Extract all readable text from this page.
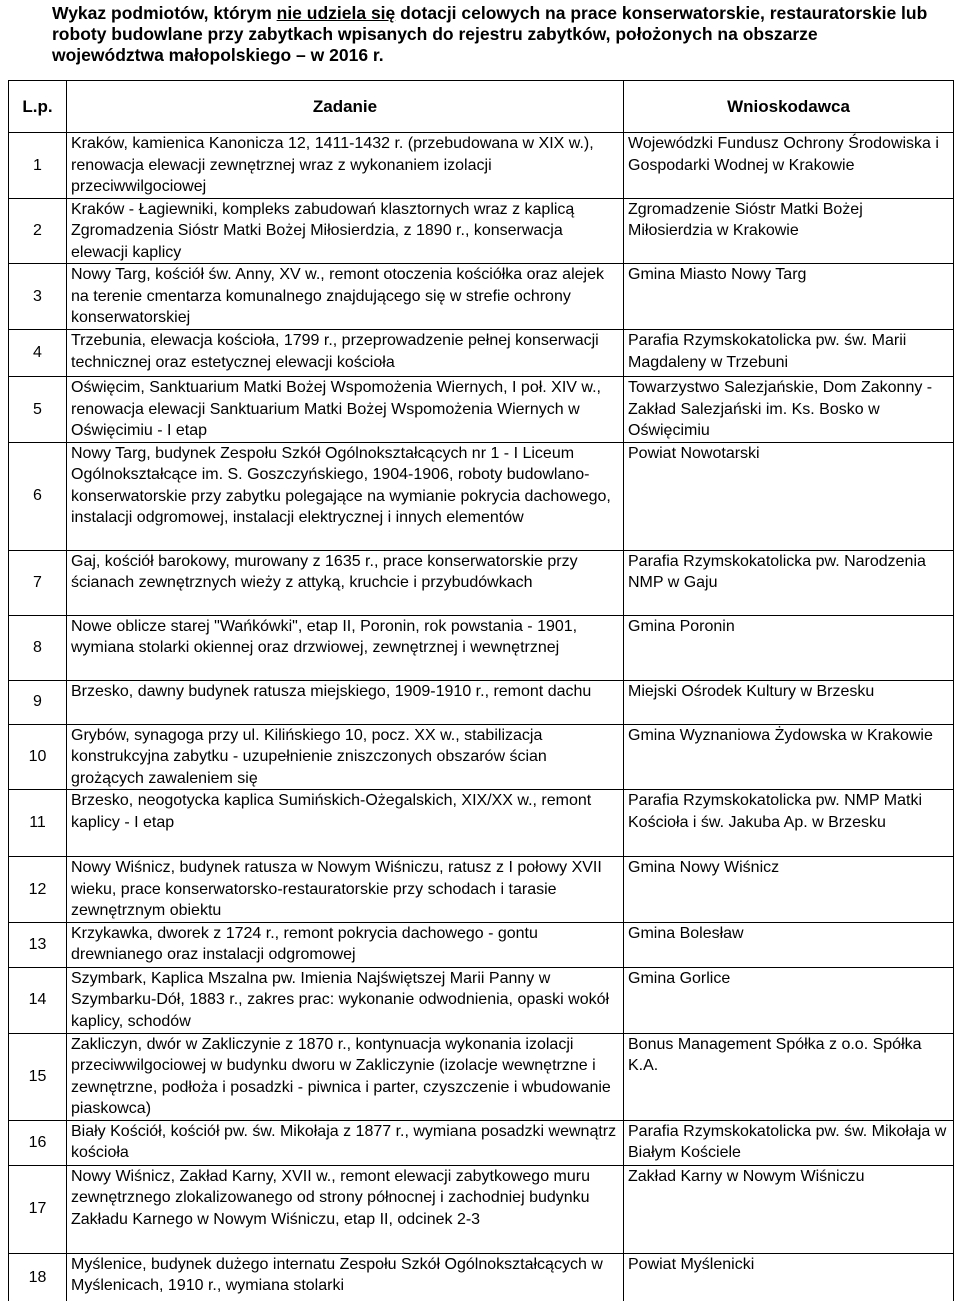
Wykaz podmiotów, którym nie udziela się dotacji celowych na prace konserwatorskie, restauratorskie lub roboty budowlane przy zabytkach wpisanych do rejestru zabytków, położonych na obszarze województwa małopolskiego – w 2016 r.
L.p.	Zadanie	Wnioskodawca
1	Kraków, kamienica Kanonicza 12, 1411-1432 r. (przebudowana w XIX w.), renowacja elewacji zewnętrznej wraz z wykonaniem izolacji przeciwwilgociowej	Wojewódzki Fundusz Ochrony Środowiska i Gospodarki Wodnej w Krakowie
2	Kraków - Łagiewniki, kompleks zabudowań klasztornych wraz z kaplicą Zgromadzenia Sióstr Matki Bożej Miłosierdzia, z 1890 r., konserwacja elewacji kaplicy	Zgromadzenie Sióstr Matki Bożej Miłosierdzia w Krakowie
3	Nowy Targ, kościół św. Anny, XV w., remont otoczenia kościółka oraz alejek na terenie cmentarza komunalnego znajdującego się w strefie ochrony konserwatorskiej	Gmina Miasto Nowy Targ
4	Trzebunia, elewacja kościoła, 1799 r., przeprowadzenie pełnej konserwacji technicznej oraz estetycznej elewacji kościoła	Parafia Rzymskokatolicka pw. św. Marii Magdaleny w Trzebuni
5	Oświęcim, Sanktuarium Matki Bożej Wspomożenia Wiernych, I poł. XIV w., renowacja elewacji Sanktuarium Matki Bożej Wspomożenia Wiernych w Oświęcimiu - I etap	Towarzystwo Salezjańskie, Dom Zakonny - Zakład Salezjański im. Ks. Bosko w Oświęcimiu
6	Nowy Targ, budynek Zespołu Szkół Ogólnokształcących nr 1 - I Liceum Ogólnokształcące im. S. Goszczyńskiego, 1904-1906, roboty budowlano-konserwatorskie przy zabytku polegające na wymianie pokrycia dachowego, instalacji odgromowej, instalacji elektrycznej i innych elementów	Powiat Nowotarski
7	Gaj, kościół barokowy, murowany z 1635 r., prace konserwatorskie przy ścianach zewnętrznych wieży z attyką, kruchcie i przybudówkach	Parafia Rzymskokatolicka pw. Narodzenia NMP w Gaju
8	Nowe oblicze starej "Wańkówki", etap II, Poronin, rok powstania - 1901, wymiana stolarki okiennej oraz drzwiowej, zewnętrznej i wewnętrznej	Gmina Poronin
9	Brzesko, dawny budynek ratusza miejskiego, 1909-1910 r., remont dachu	Miejski Ośrodek Kultury w Brzesku
10	Grybów, synagoga przy ul. Kilińskiego 10, pocz. XX w., stabilizacja konstrukcyjna zabytku - uzupełnienie zniszczonych obszarów ścian grożących zawaleniem się	Gmina Wyznaniowa Żydowska w Krakowie
11	Brzesko, neogotycka kaplica Sumińskich-Ożegalskich, XIX/XX w., remont kaplicy - I etap	Parafia Rzymskokatolicka pw. NMP Matki Kościoła i św. Jakuba Ap. w Brzesku
12	Nowy Wiśnicz, budynek ratusza w Nowym Wiśniczu, ratusz z I połowy XVII wieku, prace konserwatorsko-restauratorskie przy schodach i tarasie zewnętrznym obiektu	Gmina Nowy Wiśnicz
13	Krzykawka, dworek z 1724 r., remont pokrycia dachowego - gontu drewnianego oraz instalacji odgromowej	Gmina Bolesław
14	Szymbark, Kaplica Mszalna pw. Imienia Najświętszej Marii Panny w Szymbarku-Dół, 1883 r., zakres prac: wykonanie odwodnienia, opaski wokół kaplicy, schodów	Gmina Gorlice
15	Zakliczyn, dwór w Zakliczynie z 1870 r., kontynuacja wykonania izolacji przeciwwilgociowej w budynku dworu w Zakliczynie (izolacje wewnętrzne i zewnętrzne, podłoża i posadzki - piwnica i parter, czyszczenie i wbudowanie piaskowca)	Bonus Management Spółka z o.o. Spółka K.A.
16	Biały Kościół, kościół pw. św. Mikołaja z 1877 r., wymiana posadzki wewnątrz kościoła	Parafia Rzymskokatolicka pw. św. Mikołaja w Białym Kościele
17	Nowy Wiśnicz, Zakład Karny, XVII w., remont elewacji zabytkowego muru zewnętrznego zlokalizowanego od strony północnej i zachodniej budynku Zakładu Karnego w Nowym Wiśniczu, etap II, odcinek 2-3	Zakład Karny w Nowym Wiśniczu
18	Myślenice, budynek dużego internatu Zespołu Szkół Ogólnokształcących w Myślenicach, 1910 r., wymiana stolarki	Powiat Myślenicki
